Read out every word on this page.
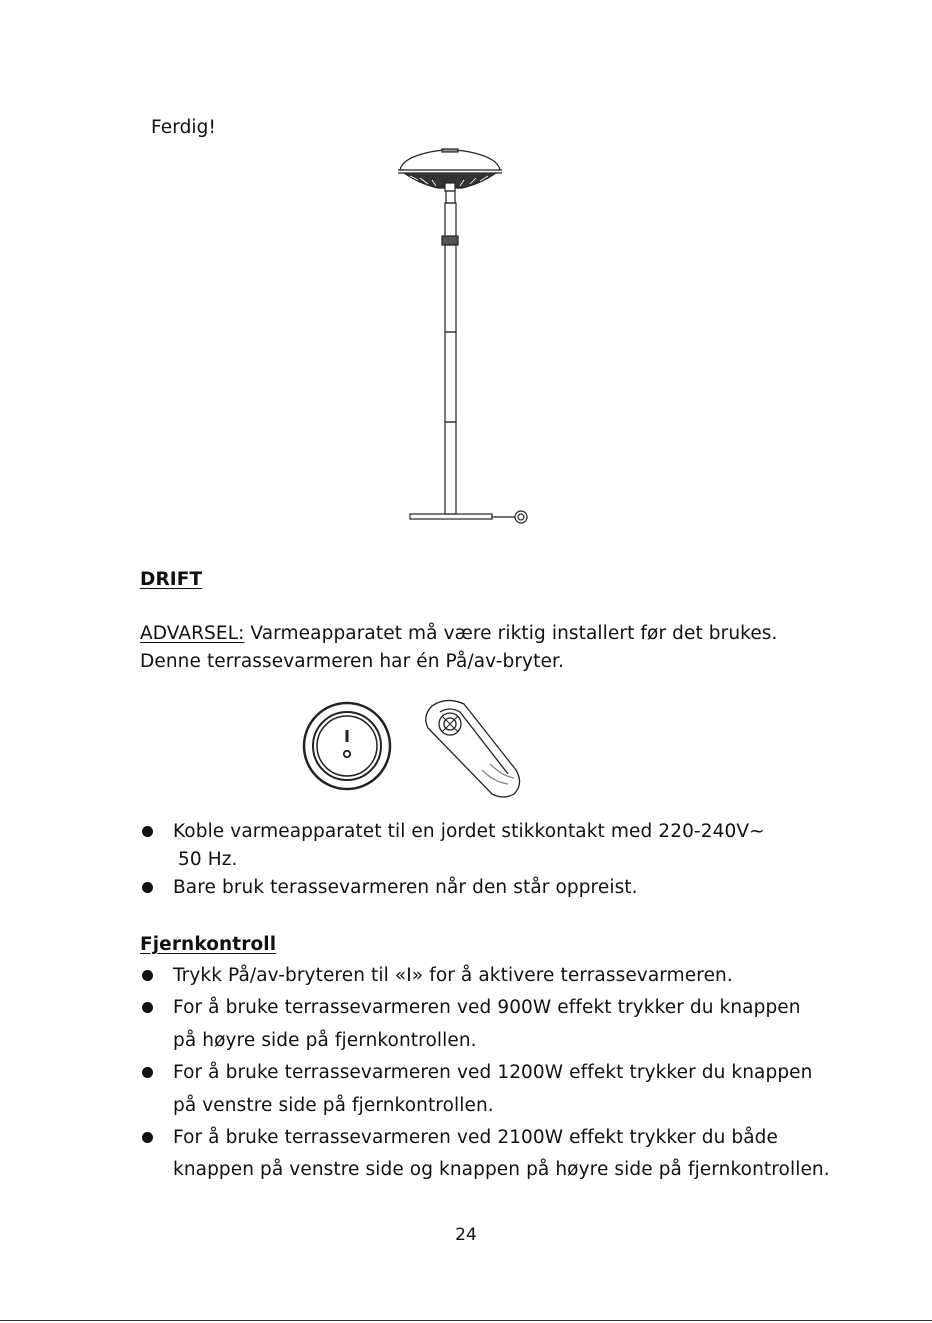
Ferdig!
DRIFT
ADVARSEL: Varmeapparatet må være riktig installert før det brukes.
Denne terrassevarmeren har én På/av-bryter.
Koble varmeapparatet til en jordet stikkontakt med 220-240V~
50 Hz.
Bare bruk terassevarmeren når den står oppreist.
Fjernkontroll
Trykk På/av-bryteren til «I» for å aktivere terrassevarmeren.
For å bruke terrassevarmeren ved 900W effekt trykker du knappen
på høyre side på fjernkontrollen.
For å bruke terrassevarmeren ved 1200W effekt trykker du knappen
på venstre side på fjernkontrollen.
For å bruke terrassevarmeren ved 2100W effekt trykker du både
knappen på venstre side og knappen på høyre side på fjernkontrollen.
24
